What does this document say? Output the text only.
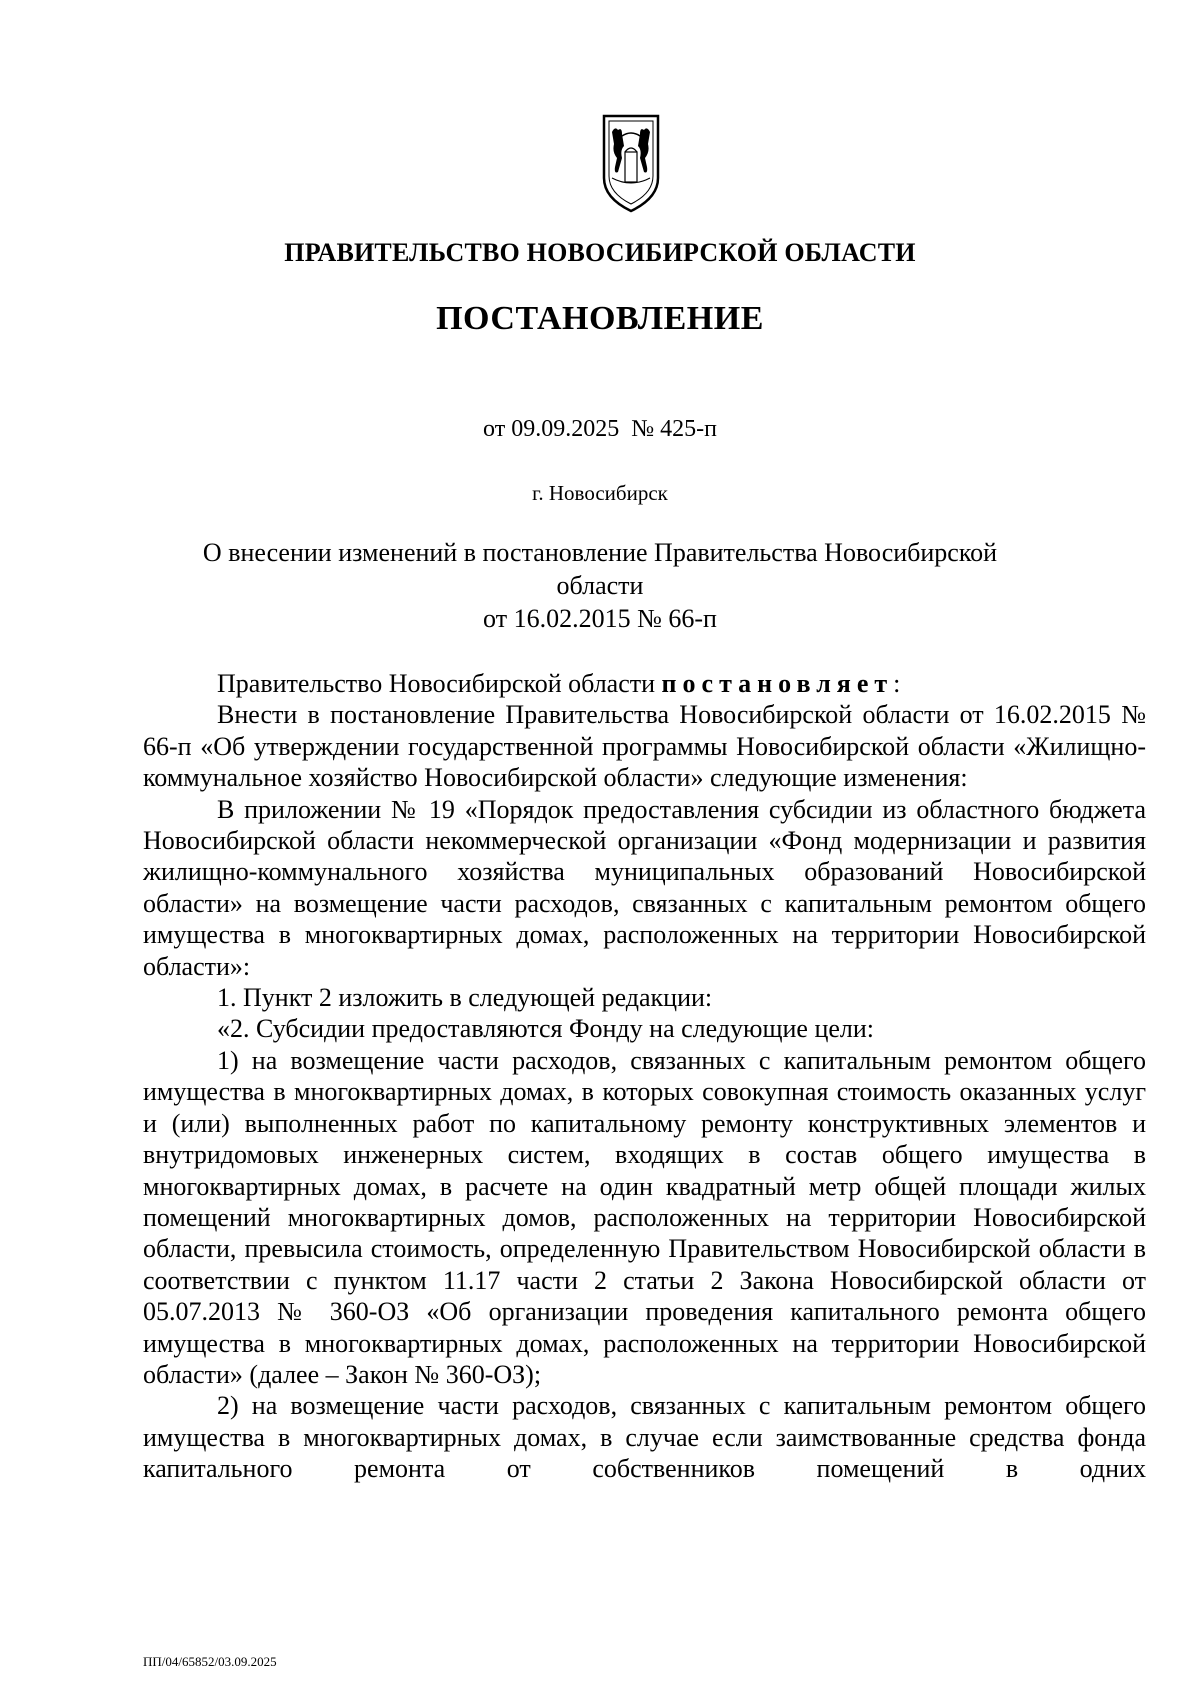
ПРАВИТЕЛЬСТВО НОВОСИБИРСКОЙ ОБЛАСТИ
ПОСТАНОВЛЕНИЕ
от 09.09.2025  № 425-п
г. Новосибирск
О внесении изменений в постановление Правительства Новосибирской области
от 16.02.2015 № 66-п

Правительство Новосибирской области постановляет:

Внести в постановление Правительства Новосибирской области от 16.02.2015 № 66-п «Об утверждении государственной программы Новосибирской области «Жилищно-коммунальное хозяйство Новосибирской области» следующие изменения:

В приложении № 19 «Порядок предоставления субсидии из областного бюджета Новосибирской области некоммерческой организации «Фонд модернизации и развития жилищно-коммунального хозяйства муниципальных образований Новосибирской области» на возмещение части расходов, связанных с капитальным ремонтом общего имущества в многоквартирных домах, расположенных на территории Новосибирской области»:

1. Пункт 2 изложить в следующей редакции:

«2. Субсидии предоставляются Фонду на следующие цели:

1) на возмещение части расходов, связанных с капитальным ремонтом общего имущества в многоквартирных домах, в которых совокупная стоимость оказанных услуг и (или) выполненных работ по капитальному ремонту конструктивных элементов и внутридомовых инженерных систем, входящих в состав общего имущества в многоквартирных домах, в расчете на один квадратный метр общей площади жилых помещений многоквартирных домов, расположенных на территории Новосибирской области, превысила стоимость, определенную Правительством Новосибирской области в соответствии с пунктом 11.17 части 2 статьи 2 Закона Новосибирской области от 05.07.2013 № 360-ОЗ «Об организации проведения капитального ремонта общего имущества в многоквартирных домах, расположенных на территории Новосибирской области» (далее – Закон № 360-ОЗ);

2) на возмещение части расходов, связанных с капитальным ремонтом общего имущества в многоквартирных домах, в случае если заимствованные средства фонда капитального ремонта от собственников помещений в одних

ПП/04/65852/03.09.2025
